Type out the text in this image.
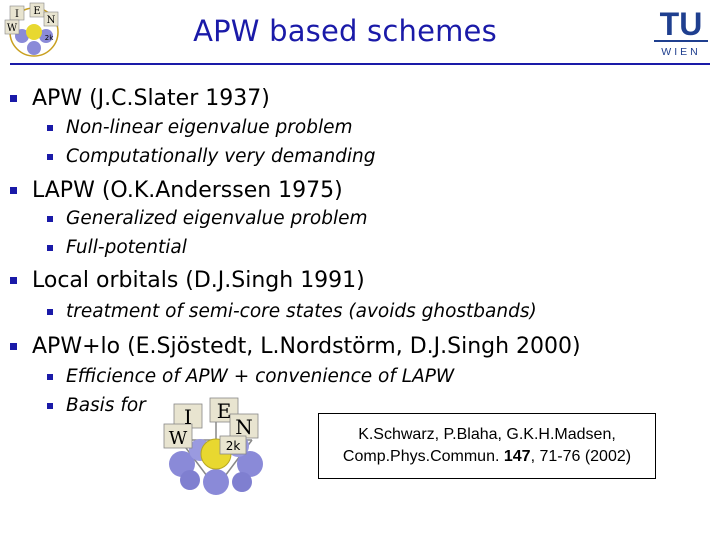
I E
W
N
2k	APW based schemes	TU
WIEN
APW (J.C.Slater 1937)
Non-linear eigenvalue problem
Computationally very demanding
LAPW (O.K.Anderssen 1975)
Generalized eigenvalue problem
Full-potential
Local orbitals (D.J.Singh 1991)
treatment of semi-core states (avoids ghostbands)
APW+lo (E.Sjöstedt, L.Nordstörm, D.J.Singh 2000)
Efficience of APW + convenience of LAPW
Basis for I E
W N
2k
K.Schwarz, P.Blaha, G.K.H.Madsen,
Comp.Phys.Commun. 147, 71-76 (2002)
